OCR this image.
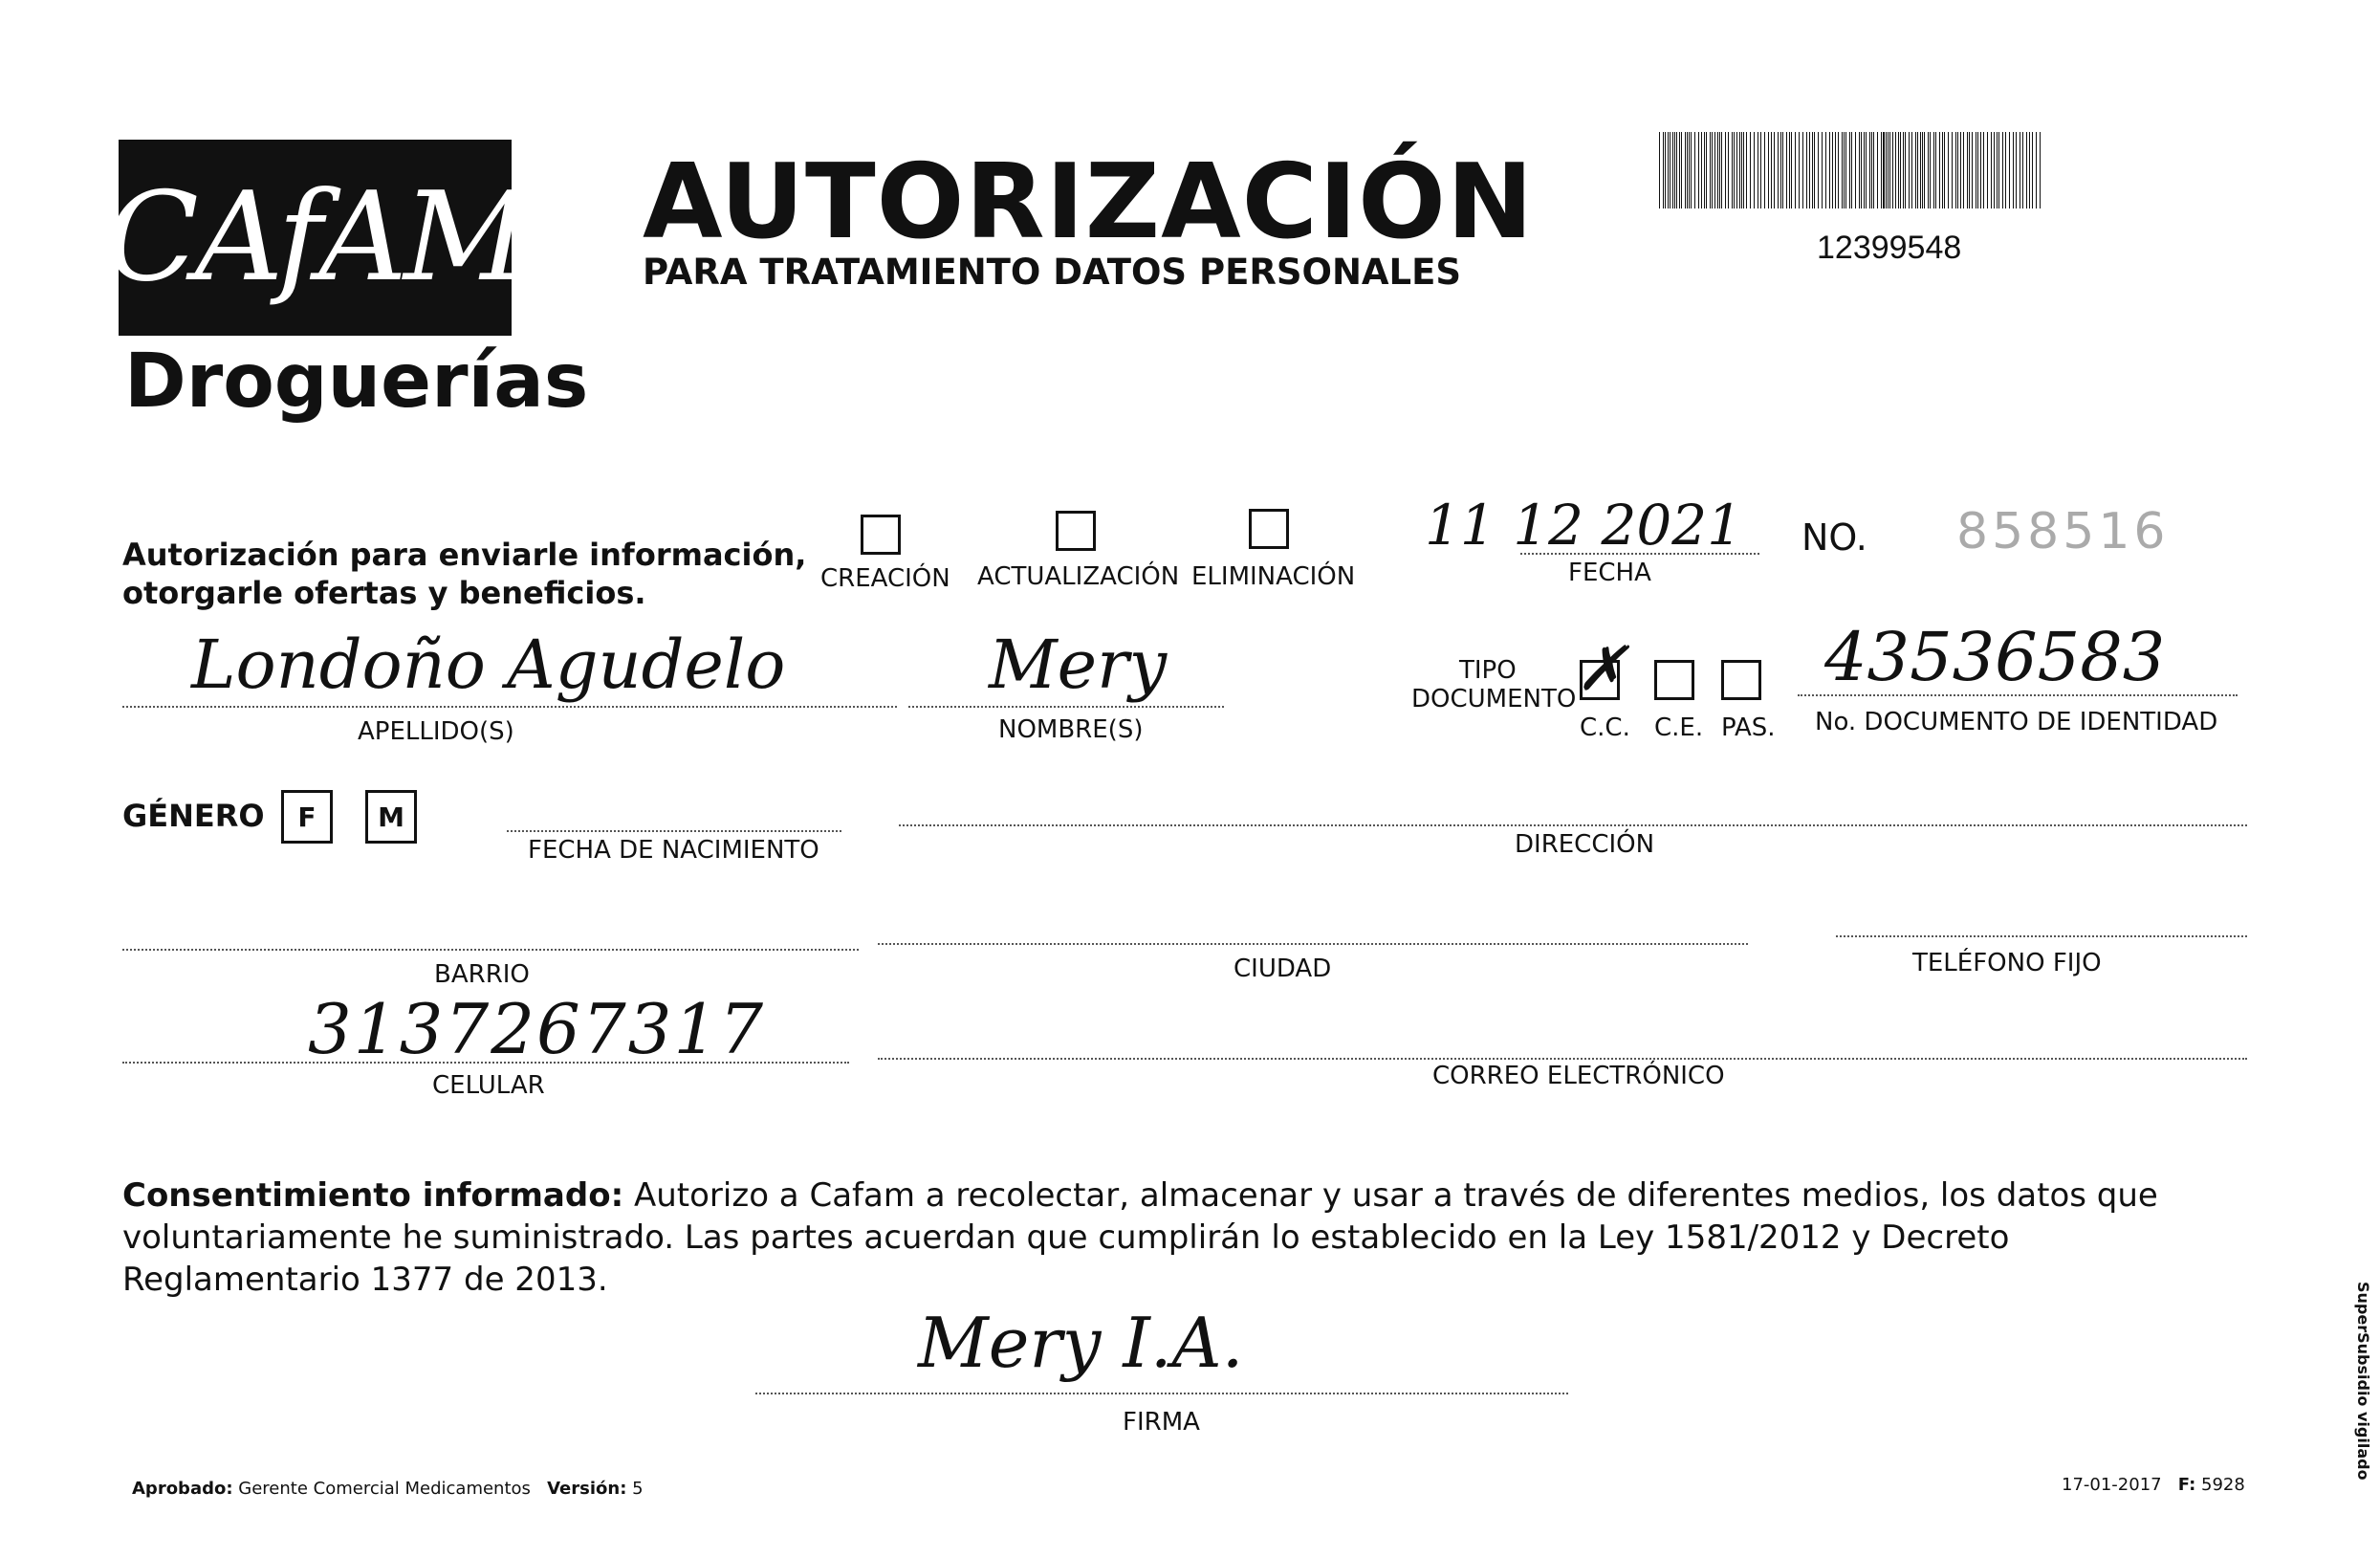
CAfAM
Droguerías
AUTORIZACIÓN
PARA TRATAMIENTO DATOS PERSONALES
12399548
Autorización para enviarle información,
otorgarle ofertas y beneficios.	CREACIÓN ACTUALIZACIÓN ELIMINACIÓN
11 12 2021
FECHA
NO. 858516
Londoño Agudelo
APELLIDO(S)
Mery
NOMBRE(S)
TIPO
DOCUMENTO ✗
C.C. C.E. PAS.
43536583
No. DOCUMENTO DE IDENTIDAD
GÉNERO	F	M
FECHA DE NACIMIENTO	DIRECCIÓN
BARRIO	CIUDAD	TELÉFONO FIJO
3137267317
CELULAR	CORREO ELECTRÓNICO
Consentimiento informado: Autorizo a Cafam a recolectar, almacenar y usar a través de diferentes medios, los datos que voluntariamente he suministrado. Las partes acuerdan que cumplirán lo establecido en la Ley 1581/2012 y Decreto Reglamentario 1377 de 2013.
Mery I.A.
FIRMA
Aprobado: Gerente Comercial Medicamentos Versión: 5	17-01-2017 F: 5928
SuperSubsidio vigilado
